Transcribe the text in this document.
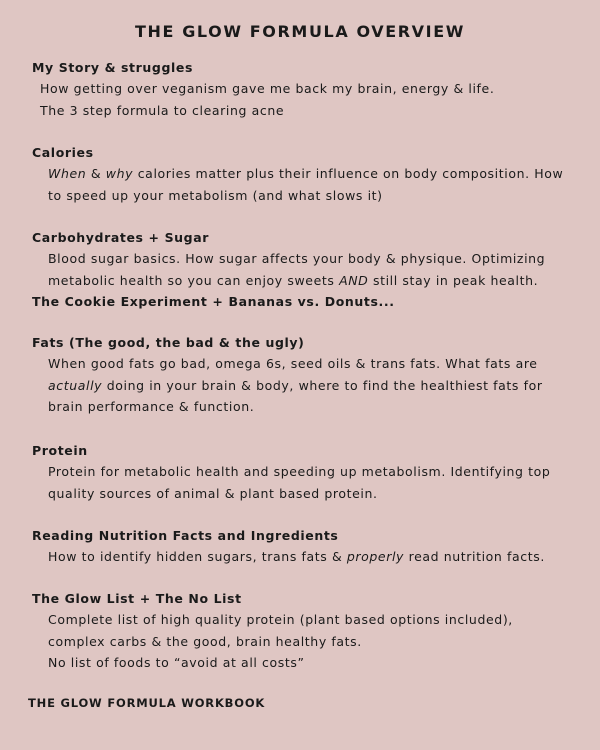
THE GLOW FORMULA OVERVIEW
My Story & struggles
How getting over veganism gave me back my brain, energy & life.
The 3 step formula to clearing acne
Calories
When & why calories matter plus their influence on body composition. How
to speed up your metabolism (and what slows it)
Carbohydrates + Sugar
Blood sugar basics. How sugar affects your body & physique. Optimizing
metabolic health so you can enjoy sweets AND still stay in peak health.
The Cookie Experiment + Bananas vs. Donuts...
Fats (The good, the bad & the ugly)
When good fats go bad, omega 6s, seed oils & trans fats. What fats are
actually doing in your brain & body, where to find the healthiest fats for
brain performance & function.
Protein
Protein for metabolic health and speeding up metabolism. Identifying top
quality sources of animal & plant based protein.
Reading Nutrition Facts and Ingredients
How to identify hidden sugars, trans fats & properly read nutrition facts.
The Glow List + The No List
Complete list of high quality protein (plant based options included),
complex carbs & the good, brain healthy fats.
No list of foods to “avoid at all costs”
THE GLOW FORMULA WORKBOOK
